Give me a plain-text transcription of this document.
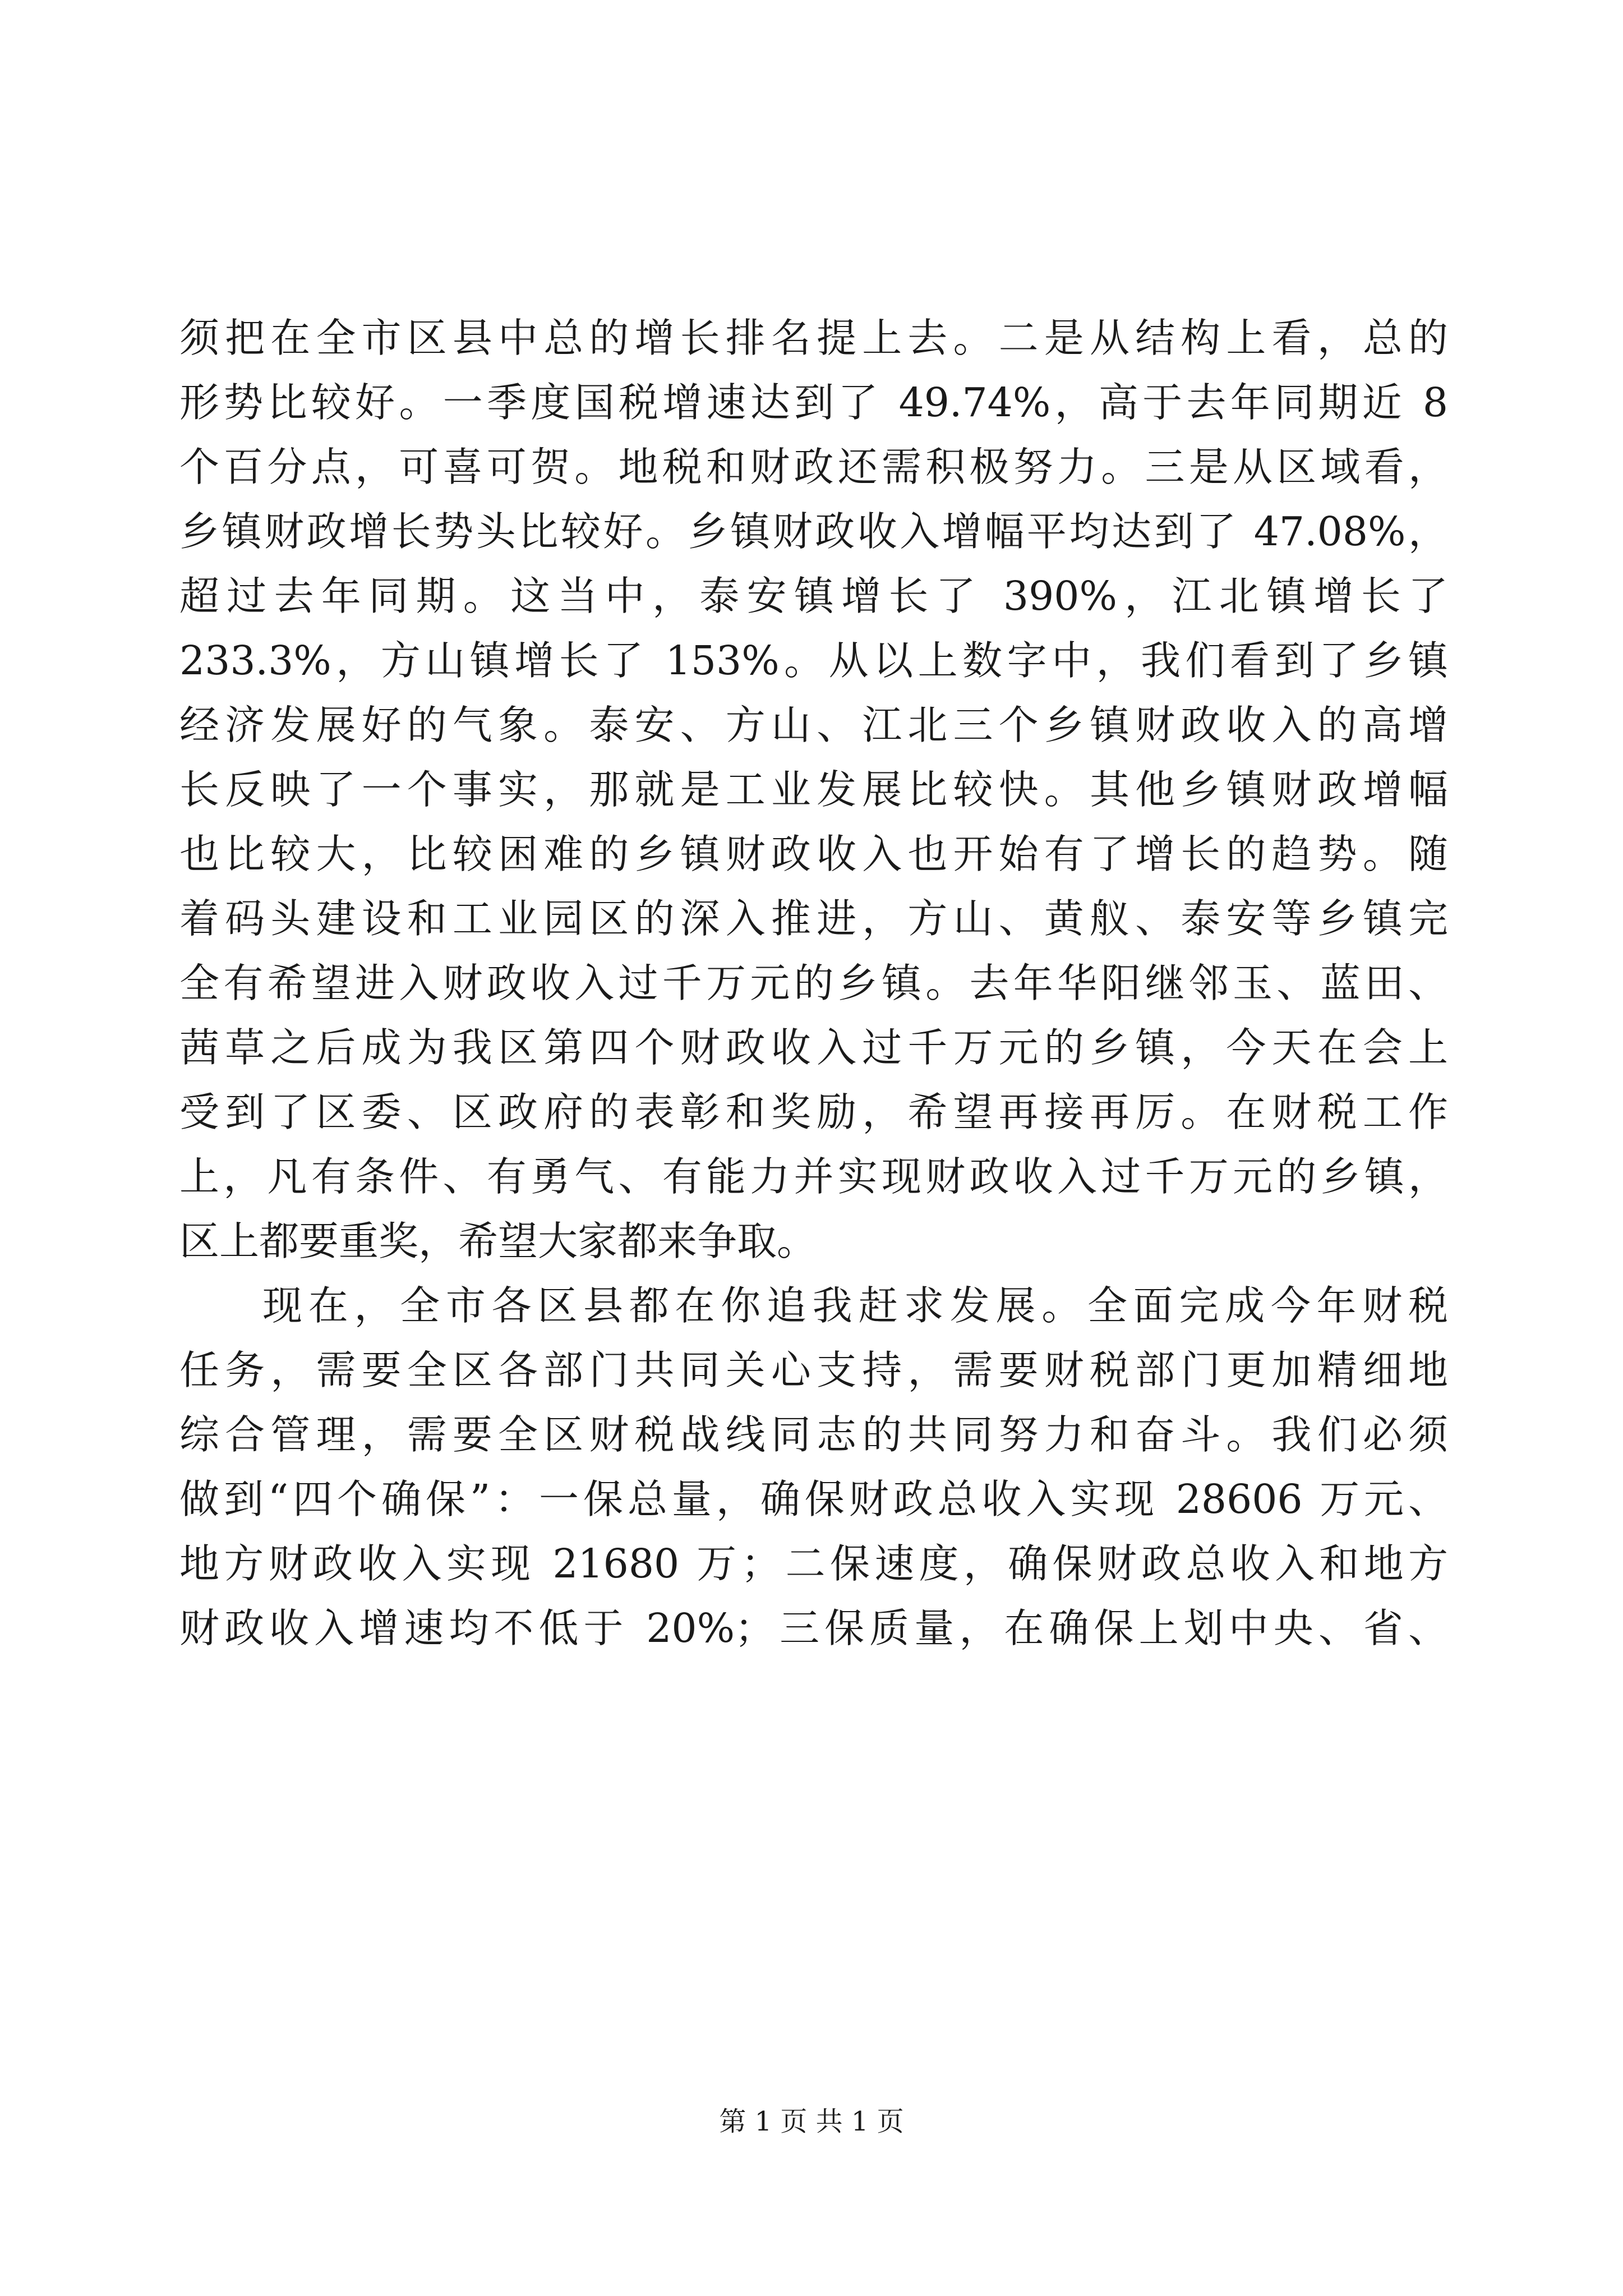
须把在全市区县中总的增长排名提上去。二是从结构上看，总的
形势比较好。一季度国税增速达到了 49.74%，高于去年同期近 8
个百分点，可喜可贺。地税和财政还需积极努力。三是从区域看，
乡镇财政增长势头比较好。乡镇财政收入增幅平均达到了 47.08%，
超过去年同期。这当中，泰安镇增长了 390%，江北镇增长了
233.3%，方山镇增长了 153%。从以上数字中，我们看到了乡镇
经济发展好的气象。泰安、方山、江北三个乡镇财政收入的高增
长反映了一个事实，那就是工业发展比较快。其他乡镇财政增幅
也比较大，比较困难的乡镇财政收入也开始有了增长的趋势。随
着码头建设和工业园区的深入推进，方山、黄舣、泰安等乡镇完
全有希望进入财政收入过千万元的乡镇。去年华阳继邻玉、蓝田、
茜草之后成为我区第四个财政收入过千万元的乡镇，今天在会上
受到了区委、区政府的表彰和奖励，希望再接再厉。在财税工作
上，凡有条件、有勇气、有能力并实现财政收入过千万元的乡镇，
区上都要重奖，希望大家都来争取。
现在，全市各区县都在你追我赶求发展。全面完成今年财税
任务，需要全区各部门共同关心支持，需要财税部门更加精细地
综合管理，需要全区财税战线同志的共同努力和奋斗。我们必须
做到“四个确保”：一保总量，确保财政总收入实现 28606 万元、
地方财政收入实现 21680 万；二保速度，确保财政总收入和地方
财政收入增速均不低于 20%；三保质量，在确保上划中央、省、
第 1 页 共 1 页
